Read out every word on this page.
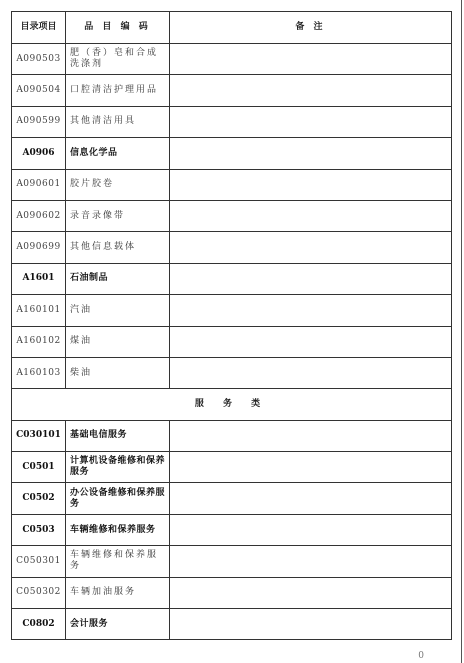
目录项目	品 目 编 码	备 注
A090503	肥（香）皂和合成洗涤剂	
A090504	口腔清洁护理用品	
A090599	其他清洁用具	
A0906	信息化学品	
A090601	胶片胶卷	
A090602	录音录像带	
A090699	其他信息载体	
A1601	石油制品	
A160101	汽油	
A160102	煤油	
A160103	柴油	
服 务 类		
C030101	基础电信服务	
C0501	计算机设备维修和保养服务	
C0502	办公设备维修和保养服务	
C0503	车辆维修和保养服务	
C050301	车辆维修和保养服务	
C050302	车辆加油服务	
C0802	会计服务	
0
